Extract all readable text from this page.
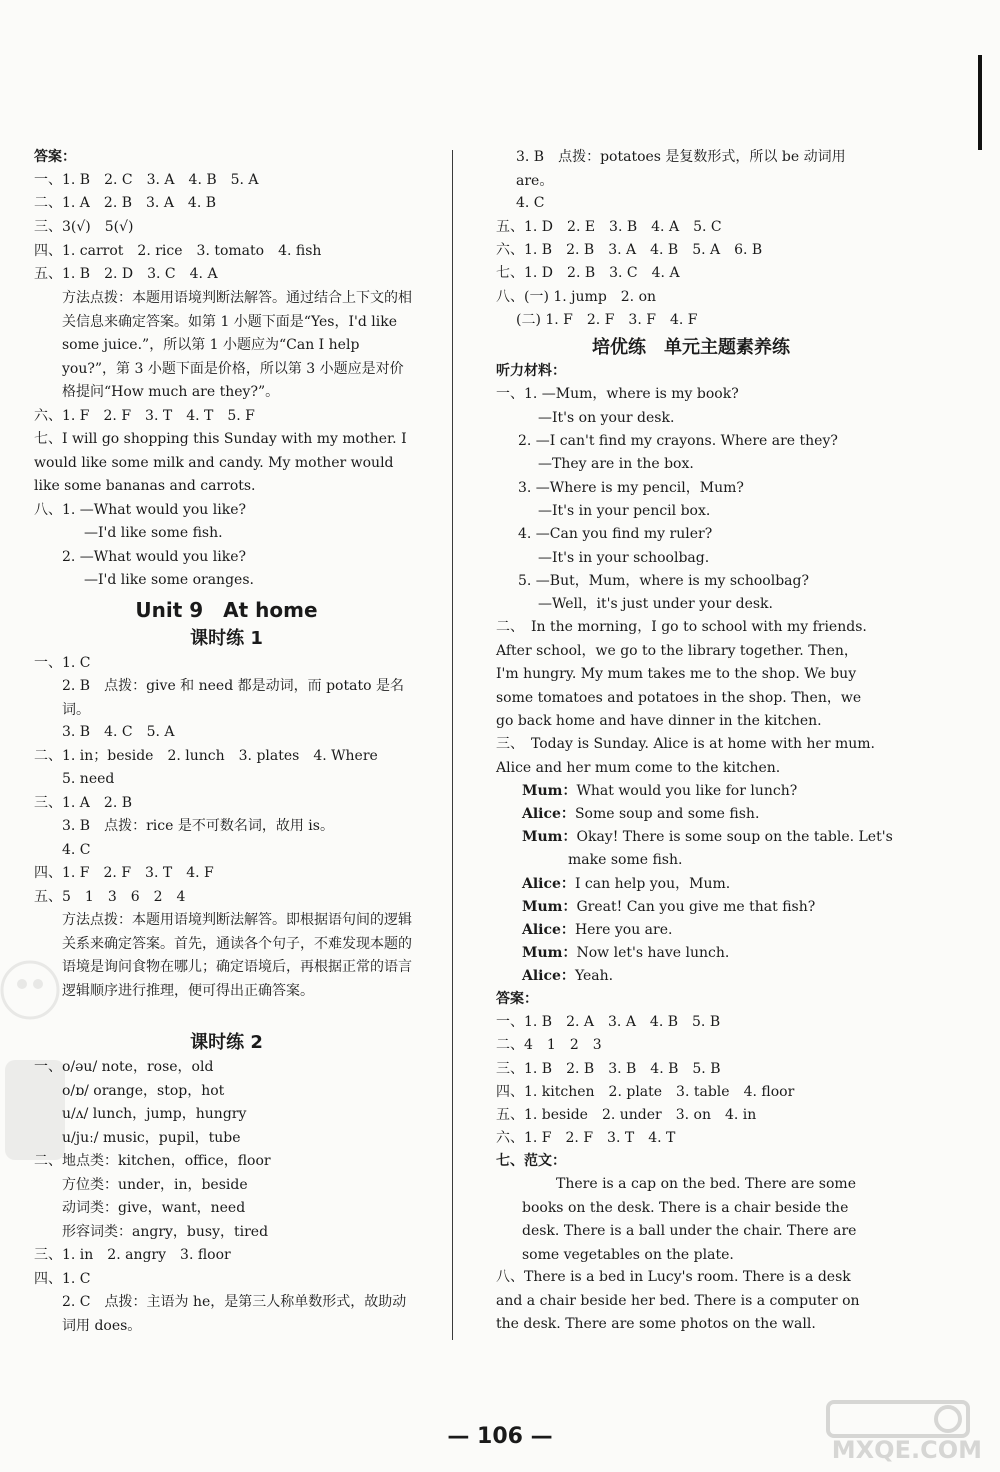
答案：
一、1. B　2. C　3. A　4. B　5. A
二、1. A　2. B　3. A　4. B
三、3(√)　5(√)
四、1. carrot　2. rice　3. tomato　4. fish
五、1. B　2. D　3. C　4. A
方法点拨：本题用语境判断法解答。通过结合上下文的相关信息来确定答案。如第 1 小题下面是“Yes，I'd like some juice.”，所以第 1 小题应为“Can I help you?”，第 3 小题下面是价格，所以第 3 小题应是对价格提问“How much are they?”。
六、1. F　2. F　3. T　4. T　5. F
七、I will go shopping this Sunday with my mother. I would like some milk and candy. My mother would like some bananas and carrots.
八、1. —What would you like?
—I'd like some fish.
2. —What would you like?
—I'd like some oranges.
Unit 9　At home
课时练 1
一、1. C
2. B　点拨：give 和 need 都是动词，而 potato 是名词。
3. B　4. C　5. A
二、1. in；beside　2. lunch　3. plates　4. Where
5. need
三、1. A　2. B
3. B　点拨：rice 是不可数名词，故用 is。
4. C
四、1. F　2. F　3. T　4. F
五、5　1　3　6　2　4
方法点拨：本题用语境判断法解答。即根据语句间的逻辑关系来确定答案。首先，通读各个句子，不难发现本题的语境是询问食物在哪儿；确定语境后，再根据正常的语言逻辑顺序进行推理，便可得出正确答案。
课时练 2
一、o/əu/ note，rose，old
o/ɒ/ orange，stop，hot
u/ʌ/ lunch，jump，hungry
u/juː/ music，pupil，tube
二、地点类：kitchen，office，floor
方位类：under，in，beside
动词类：give，want，need
形容词类：angry，busy，tired
三、1. in　2. angry　3. floor
四、1. C
2. C　点拨：主语为 he，是第三人称单数形式，故助动词用 does。
3. B　点拨：potatoes 是复数形式，所以 be 动词用 are。
4. C
五、1. D　2. E　3. B　4. A　5. C
六、1. B　2. B　3. A　4. B　5. A　6. B
七、1. D　2. B　3. C　4. A
八、(一) 1. jump　2. on
(二) 1. F　2. F　3. F　4. F
培优练　单元主题素养练
听力材料：
一、1. —Mum，where is my book?
—It's on your desk.
2. —I can't find my crayons. Where are they?
—They are in the box.
3. —Where is my pencil，Mum?
—It's in your pencil box.
4. —Can you find my ruler?
—It's in your schoolbag.
5. —But，Mum，where is my schoolbag?
—Well，it's just under your desk.
二、　In the morning，I go to school with my friends. After school，we go to the library together. Then，I'm hungry. My mum takes me to the shop. We buy some tomatoes and potatoes in the shop. Then，we go back home and have dinner in the kitchen.
三、　Today is Sunday. Alice is at home with her mum. Alice and her mum come to the kitchen.
Mum：What would you like for lunch?
Alice：Some soup and some fish.
Mum：Okay! There is some soup on the table. Let's
make some fish.
Alice：I can help you，Mum.
Mum：Great! Can you give me that fish?
Alice：Here you are.
Mum：Now let's have lunch.
Alice：Yeah.
答案：
一、1. B　2. A　3. A　4. B　5. B
二、4　1　2　3
三、1. B　2. B　3. B　4. B　5. B
四、1. kitchen　2. plate　3. table　4. floor
五、1. beside　2. under　3. on　4. in
六、1. F　2. F　3. T　4. T
七、范文：
There is a cap on the bed. There are some books on the desk. There is a chair beside the desk. There is a ball under the chair. There are some vegetables on the plate.
八、There is a bed in Lucy's room. There is a desk and a chair beside her bed. There is a computer on the desk. There are some photos on the wall.
— 106 —	MXQE.COM
